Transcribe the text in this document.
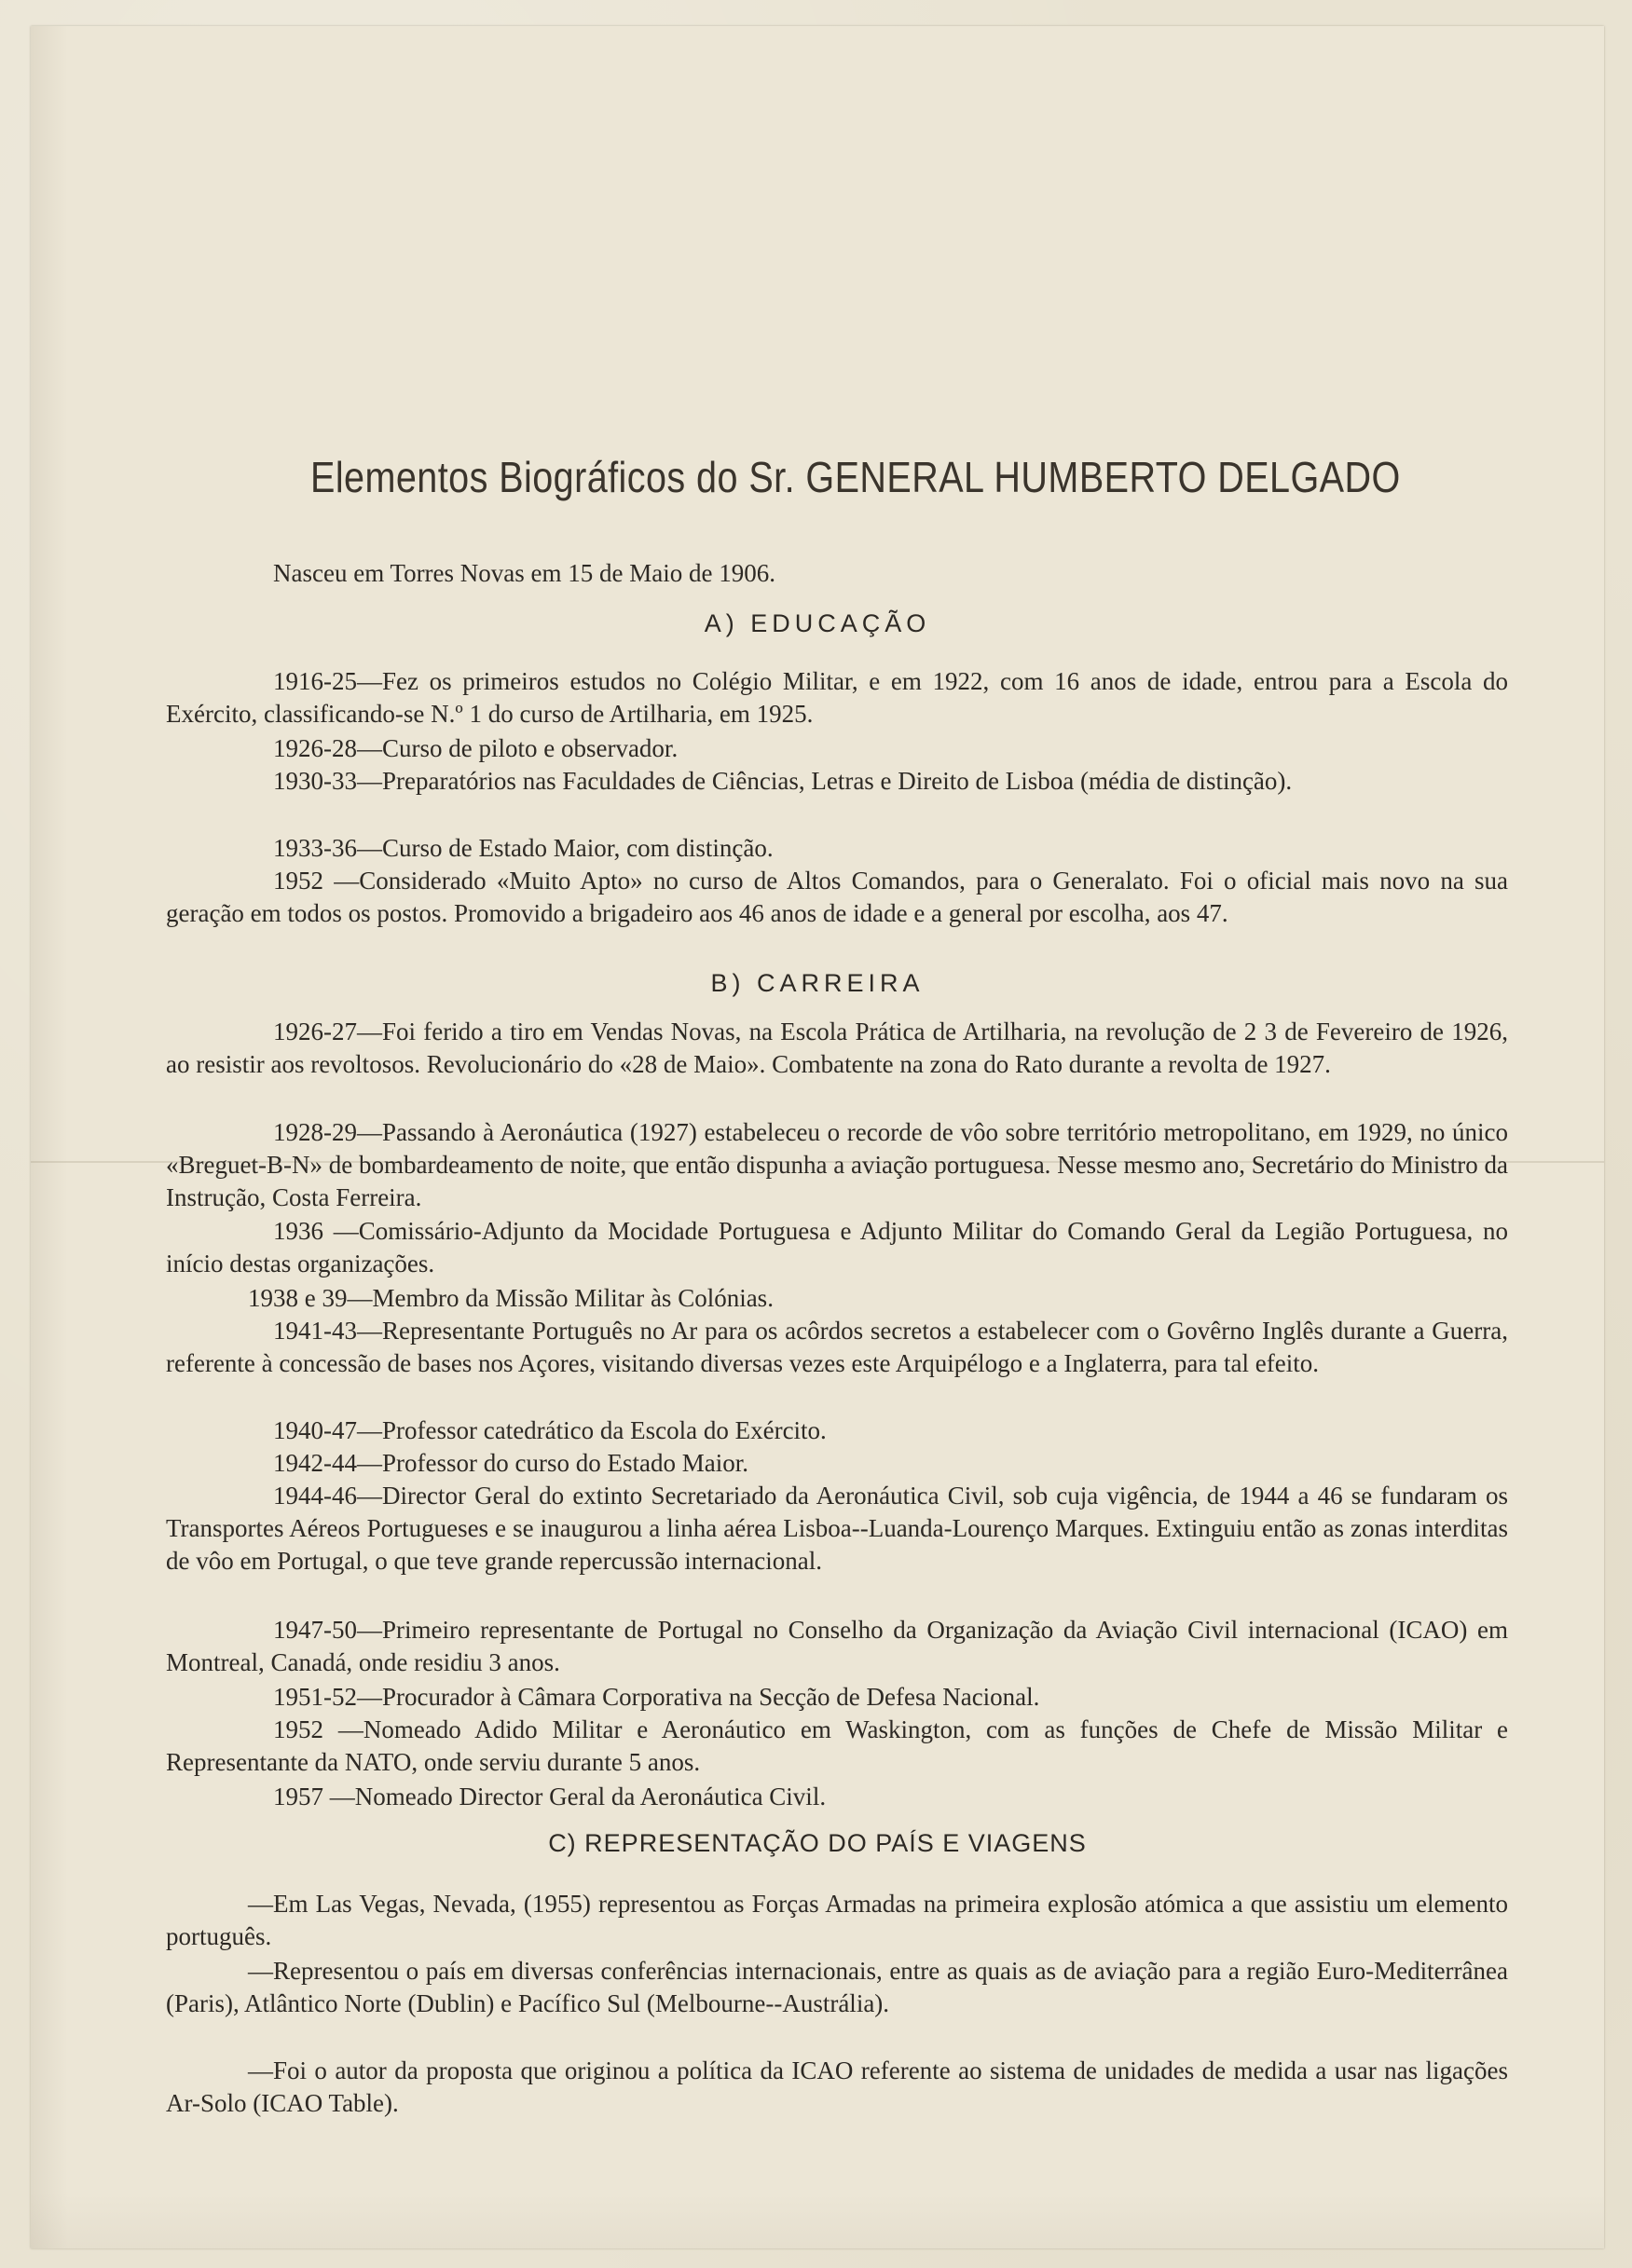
Elementos Biográficos do Sr. GENERAL HUMBERTO DELGADO
Nasceu em Torres Novas em 15 de Maio de 1906.
A) EDUCAÇÃO
1916-25—Fez os primeiros estudos no Colégio Militar, e em 1922, com 16 anos de idade, entrou para a Escola do Exército, classificando-se N.º 1 do curso de Artilharia, em 1925.
1926-28—Curso de piloto e observador.
1930-33—Preparatórios nas Faculdades de Ciências, Letras e Direito de Lisboa (média de distinção).
1933-36—Curso de Estado Maior, com distinção.
1952 —Considerado «Muito Apto» no curso de Altos Comandos, para o Generalato. Foi o oficial mais novo na sua geração em todos os postos. Promovido a brigadeiro aos 46 anos de idade e a general por escolha, aos 47.
B) CARREIRA
1926-27—Foi ferido a tiro em Vendas Novas, na Escola Prática de Artilharia, na revolução de 2 3 de Fevereiro de 1926, ao resistir aos revoltosos. Revolucionário do «28 de Maio». Combatente na zona do Rato durante a revolta de 1927.
1928-29—Passando à Aeronáutica (1927) estabeleceu o recorde de vôo sobre território metropolitano, em 1929, no único «Breguet-B-N» de bombardeamento de noite, que então dispunha a aviação portuguesa. Nesse mesmo ano, Secretário do Ministro da Instrução, Costa Ferreira.
1936 —Comissário-Adjunto da Mocidade Portuguesa e Adjunto Militar do Comando Geral da Legião Portuguesa, no início destas organizações.
1938 e 39—Membro da Missão Militar às Colónias.
1941-43—Representante Português no Ar para os acôrdos secretos a estabelecer com o Govêrno Inglês durante a Guerra, referente à concessão de bases nos Açores, visitando diversas vezes este Arquipélogo e a Inglaterra, para tal efeito.
1940-47—Professor catedrático da Escola do Exército.
1942-44—Professor do curso do Estado Maior.
1944-46—Director Geral do extinto Secretariado da Aeronáutica Civil, sob cuja vigência, de 1944 a 46 se fundaram os Transportes Aéreos Portugueses e se inaugurou a linha aérea Lisboa--Luanda-Lourenço Marques. Extinguiu então as zonas interditas de vôo em Portugal, o que teve grande repercussão internacional.
1947-50—Primeiro representante de Portugal no Conselho da Organização da Aviação Civil internacional (ICAO) em Montreal, Canadá, onde residiu 3 anos.
1951-52—Procurador à Câmara Corporativa na Secção de Defesa Nacional.
1952 —Nomeado Adido Militar e Aeronáutico em Waskington, com as funções de Chefe de Missão Militar e Representante da NATO, onde serviu durante 5 anos.
1957 —Nomeado Director Geral da Aeronáutica Civil.
C) REPRESENTAÇÃO DO PAÍS E VIAGENS
—Em Las Vegas, Nevada, (1955) representou as Forças Armadas na primeira explosão atómica a que assistiu um elemento português.
—Representou o país em diversas conferências internacionais, entre as quais as de aviação para a região Euro-Mediterrânea (Paris), Atlântico Norte (Dublin) e Pacífico Sul (Melbourne--Austrália).
—Foi o autor da proposta que originou a política da ICAO referente ao sistema de unidades de medida a usar nas ligações Ar-Solo (ICAO Table).
